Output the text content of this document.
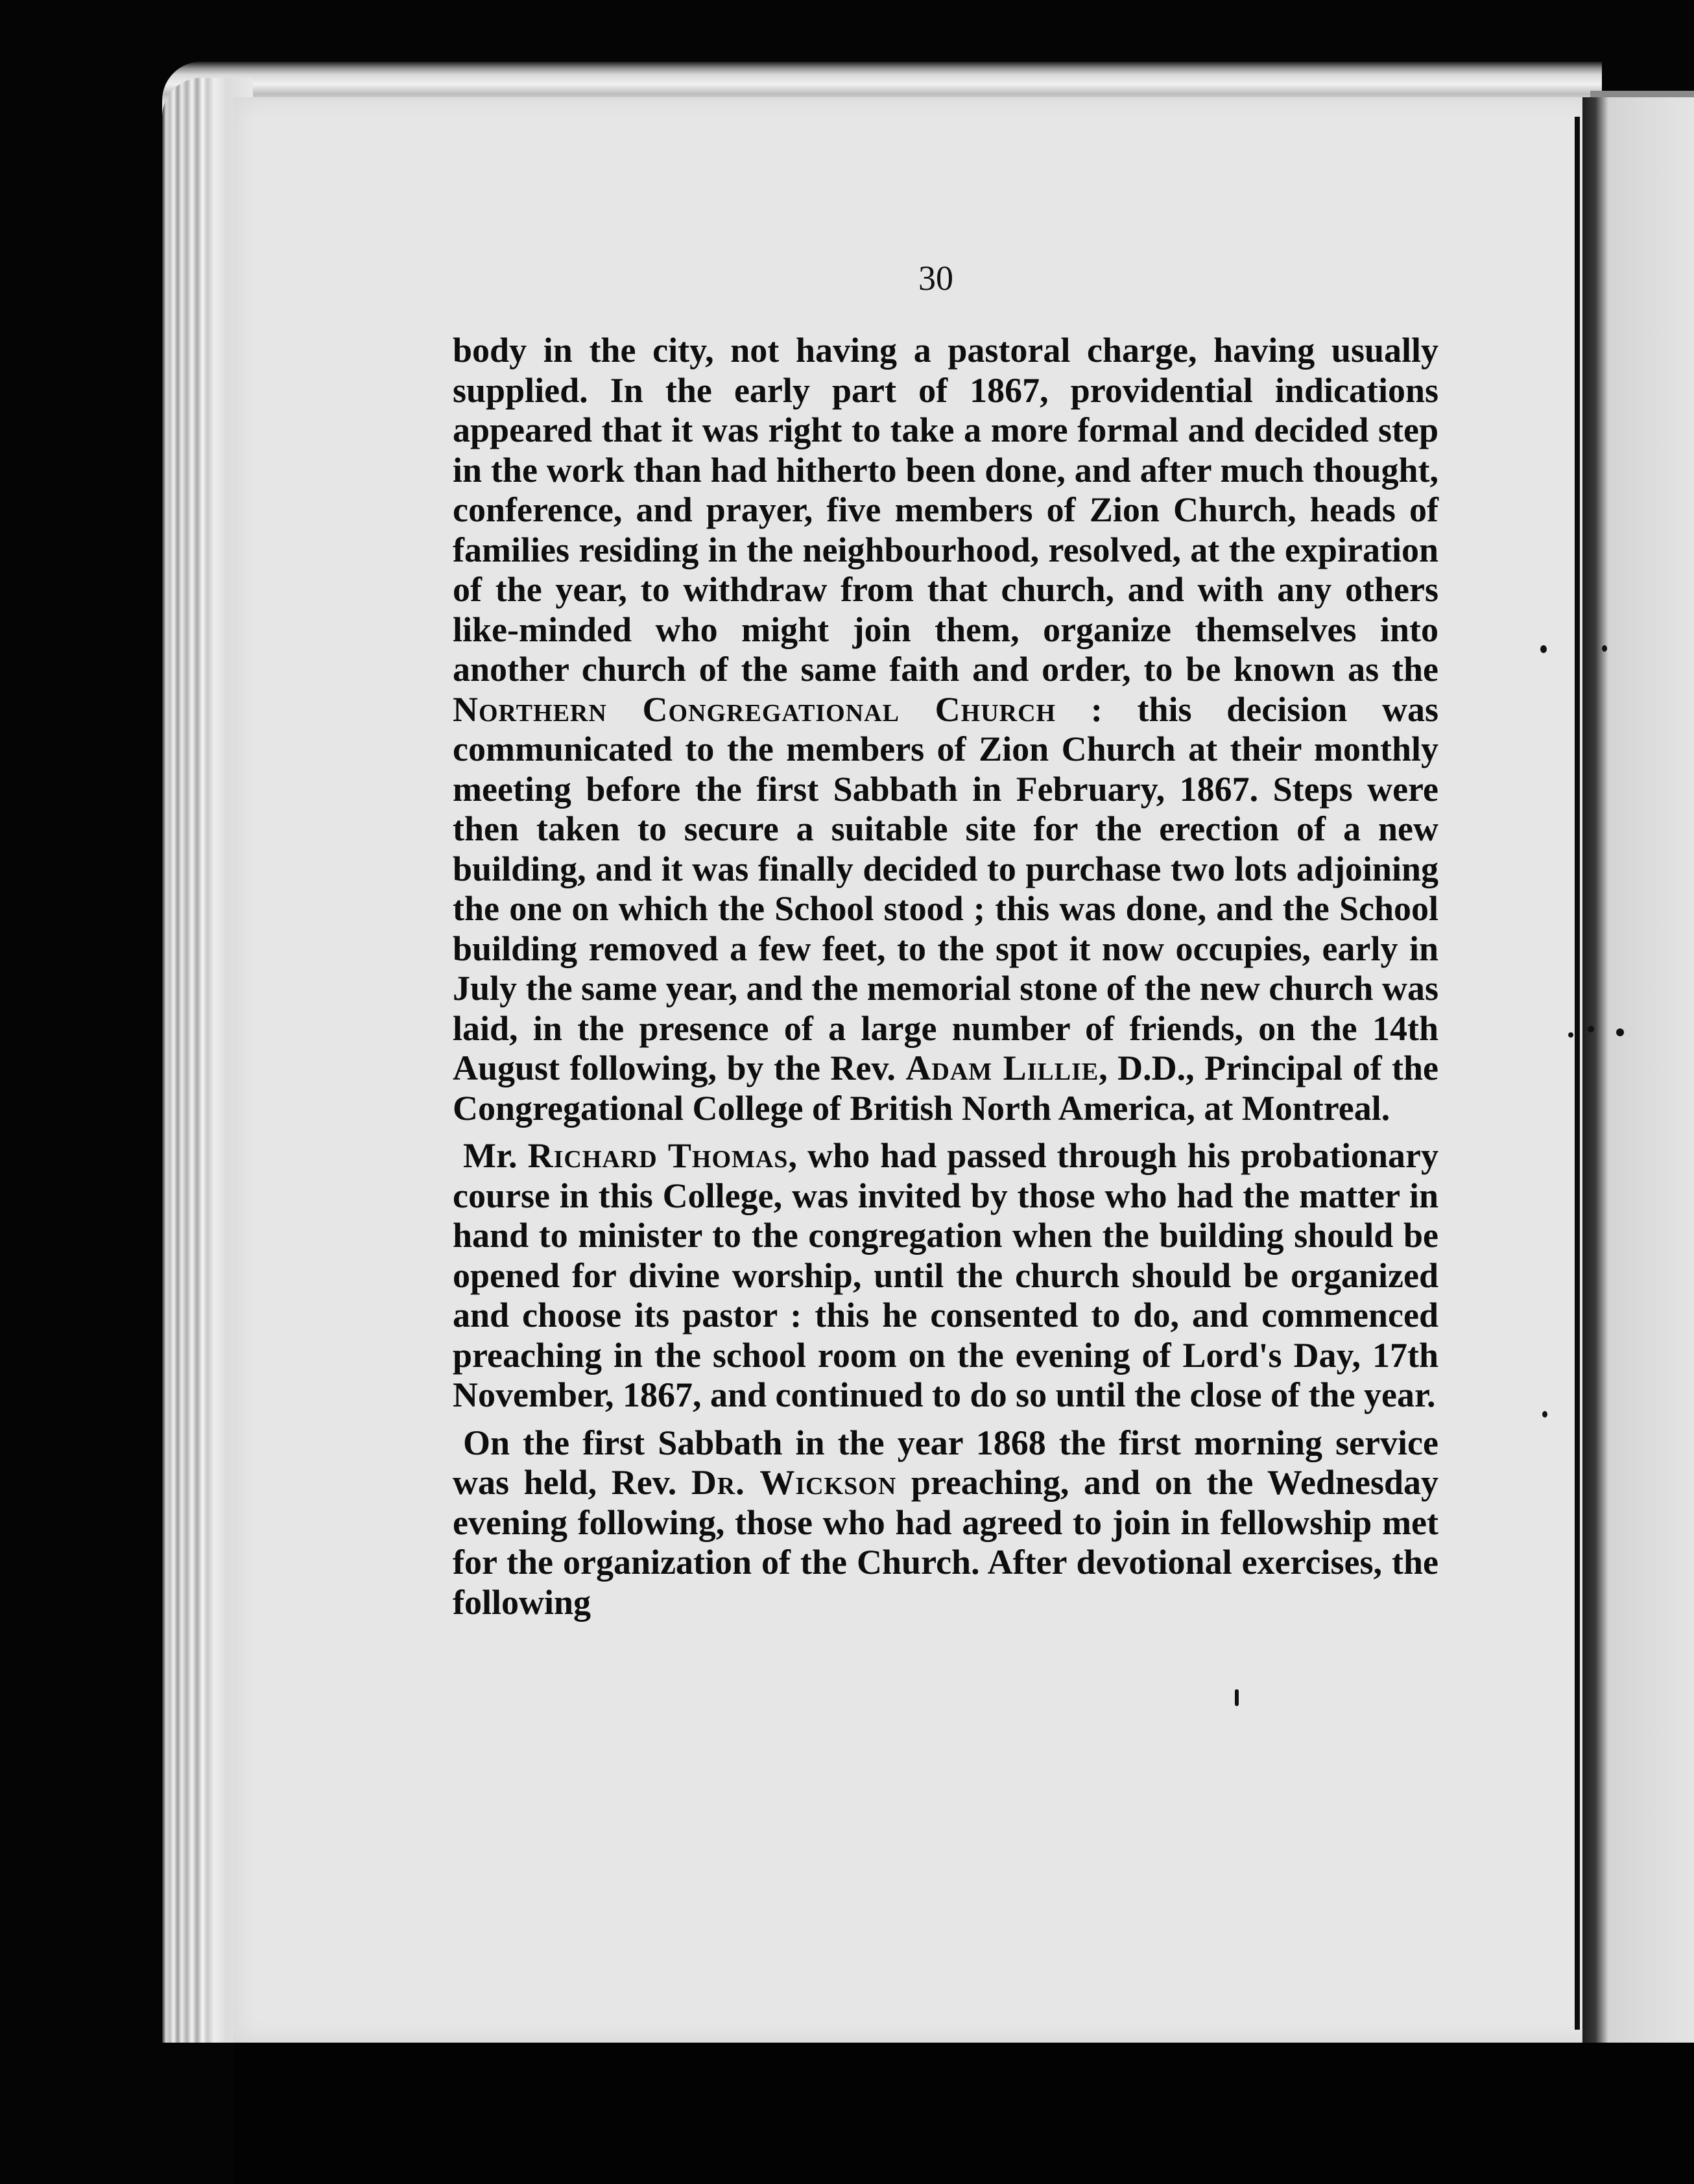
30

body in the city, not having a pastoral charge, having usually supplied. In the early part of 1867, providential indications appeared that it was right to take a more formal and decided step in the work than had hitherto been done, and after much thought, conference, and prayer, five members of Zion Church, heads of families residing in the neighbourhood, resolved, at the expiration of the year, to withdraw from that church, and with any others like-minded who might join them, organize themselves into another church of the same faith and order, to be known as the Northern Congregational Church : this decision was communicated to the members of Zion Church at their monthly meeting before the first Sabbath in February, 1867. Steps were then taken to secure a suitable site for the erection of a new building, and it was finally decided to purchase two lots adjoining the one on which the School stood ; this was done, and the School building removed a few feet, to the spot it now occupies, early in July the same year, and the memorial stone of the new church was laid, in the presence of a large number of friends, on the 14th August following, by the Rev. Adam Lillie, D.D., Principal of the Congregational College of British North America, at Montreal.

Mr. Richard Thomas, who had passed through his probationary course in this College, was invited by those who had the matter in hand to minister to the congregation when the building should be opened for divine worship, until the church should be organized and choose its pastor : this he consented to do, and commenced preaching in the school room on the evening of Lord's Day, 17th November, 1867, and continued to do so until the close of the year.

On the first Sabbath in the year 1868 the first morning service was held, Rev. Dr. Wickson preaching, and on the Wednesday evening following, those who had agreed to join in fellowship met for the organization of the Church. After devotional exercises, the following
